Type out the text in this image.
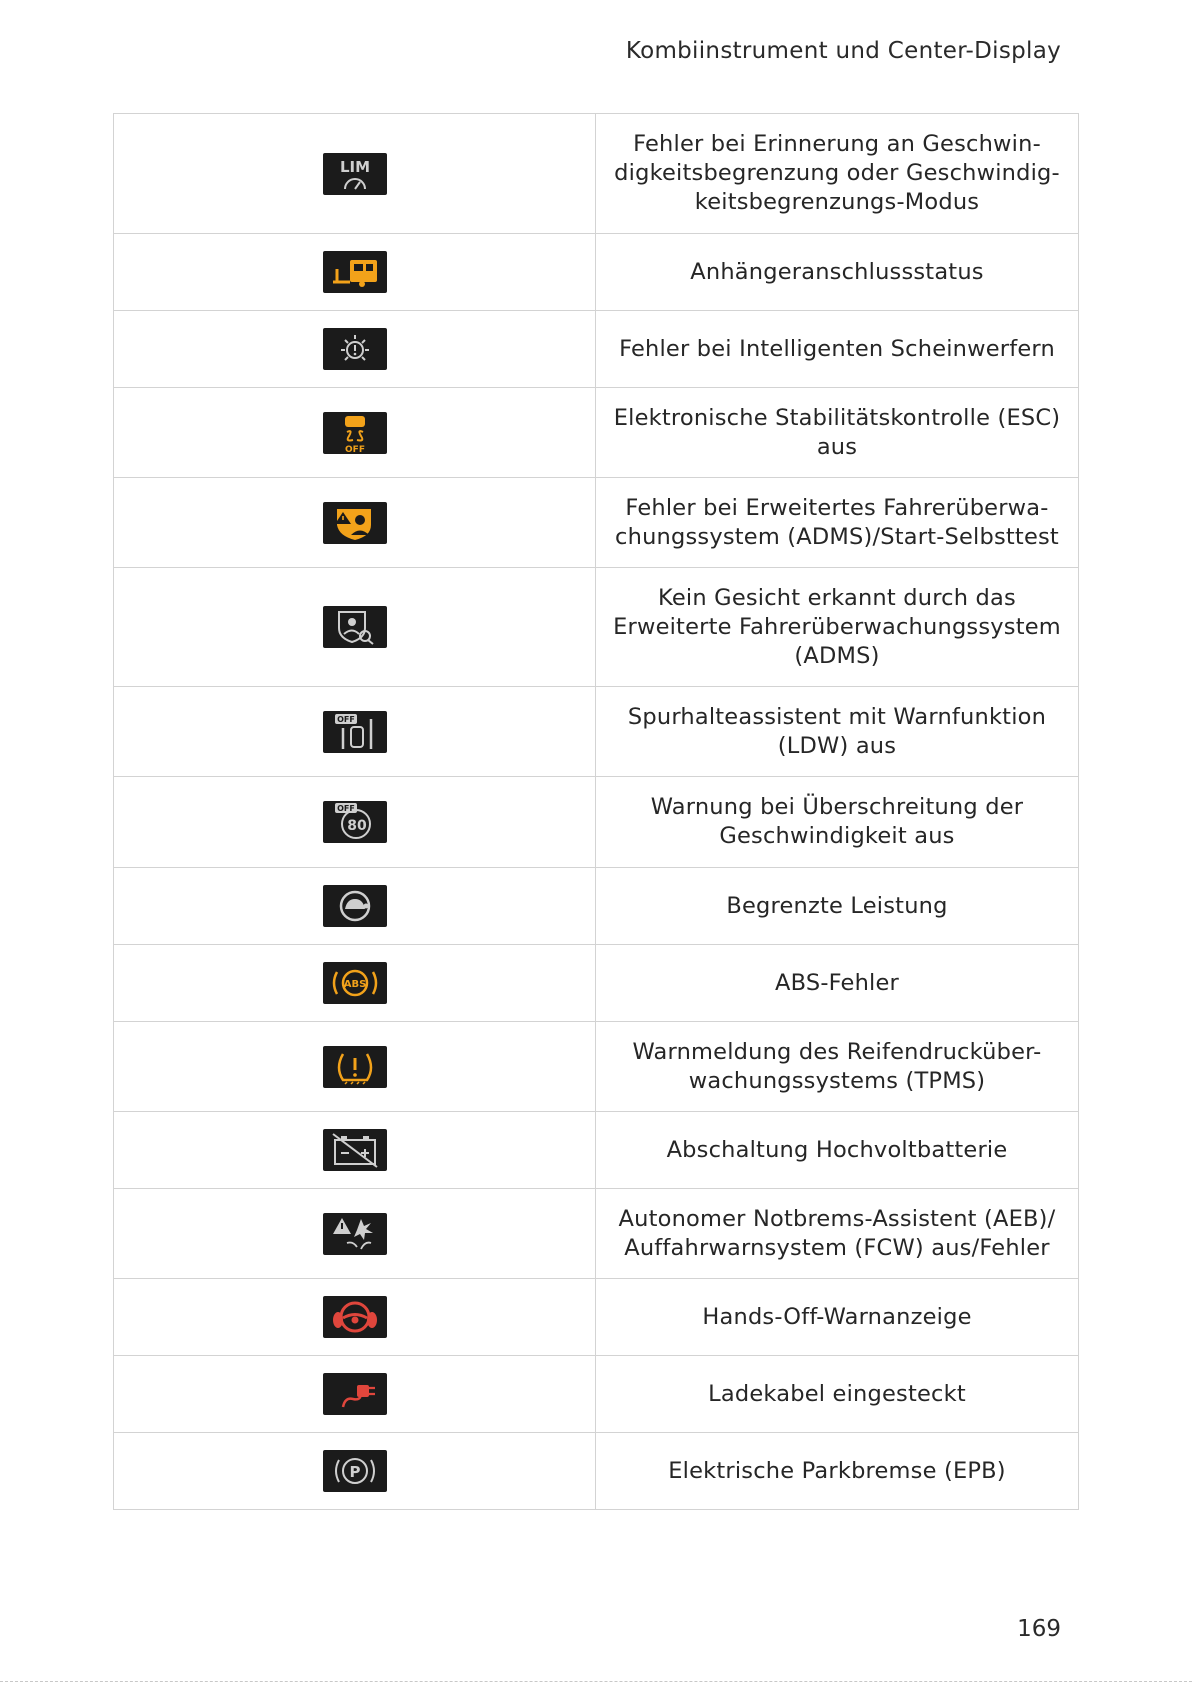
Kombiinstrument und Center-Display
LIM	Fehler bei Erinnerung an Geschwin-
digkeitsbegrenzung oder Geschwindig-
keitsbegrenzungs-Modus

	Anhängeranschlussstatus

	Fehler bei Intelligenten Scheinwerfern

OFF	Elektronische Stabilitätskontrolle (ESC)
aus

	Fehler bei Erweitertes Fahrerüberwa-
chungssystem (ADMS)/Start-Selbsttest

	Kein Gesicht erkannt durch das
Erweiterte Fahrerüberwachungssystem
(ADMS)

OFF	Spurhalteassistent mit Warnfunktion
(LDW) aus

OFF
80	Warnung bei Überschreitung der
Geschwindigkeit aus

	Begrenzte Leistung

ABS	ABS-Fehler

	Warnmeldung des Reifendrucküber-
wachungssystems (TPMS)

	Abschaltung Hochvoltbatterie

	Autonomer Notbrems-Assistent (AEB)/
Auffahrwarnsystem (FCW) aus/Fehler

	Hands-Off-Warnanzeige

	Ladekabel eingesteckt

P	Elektrische Parkbremse (EPB)
169
